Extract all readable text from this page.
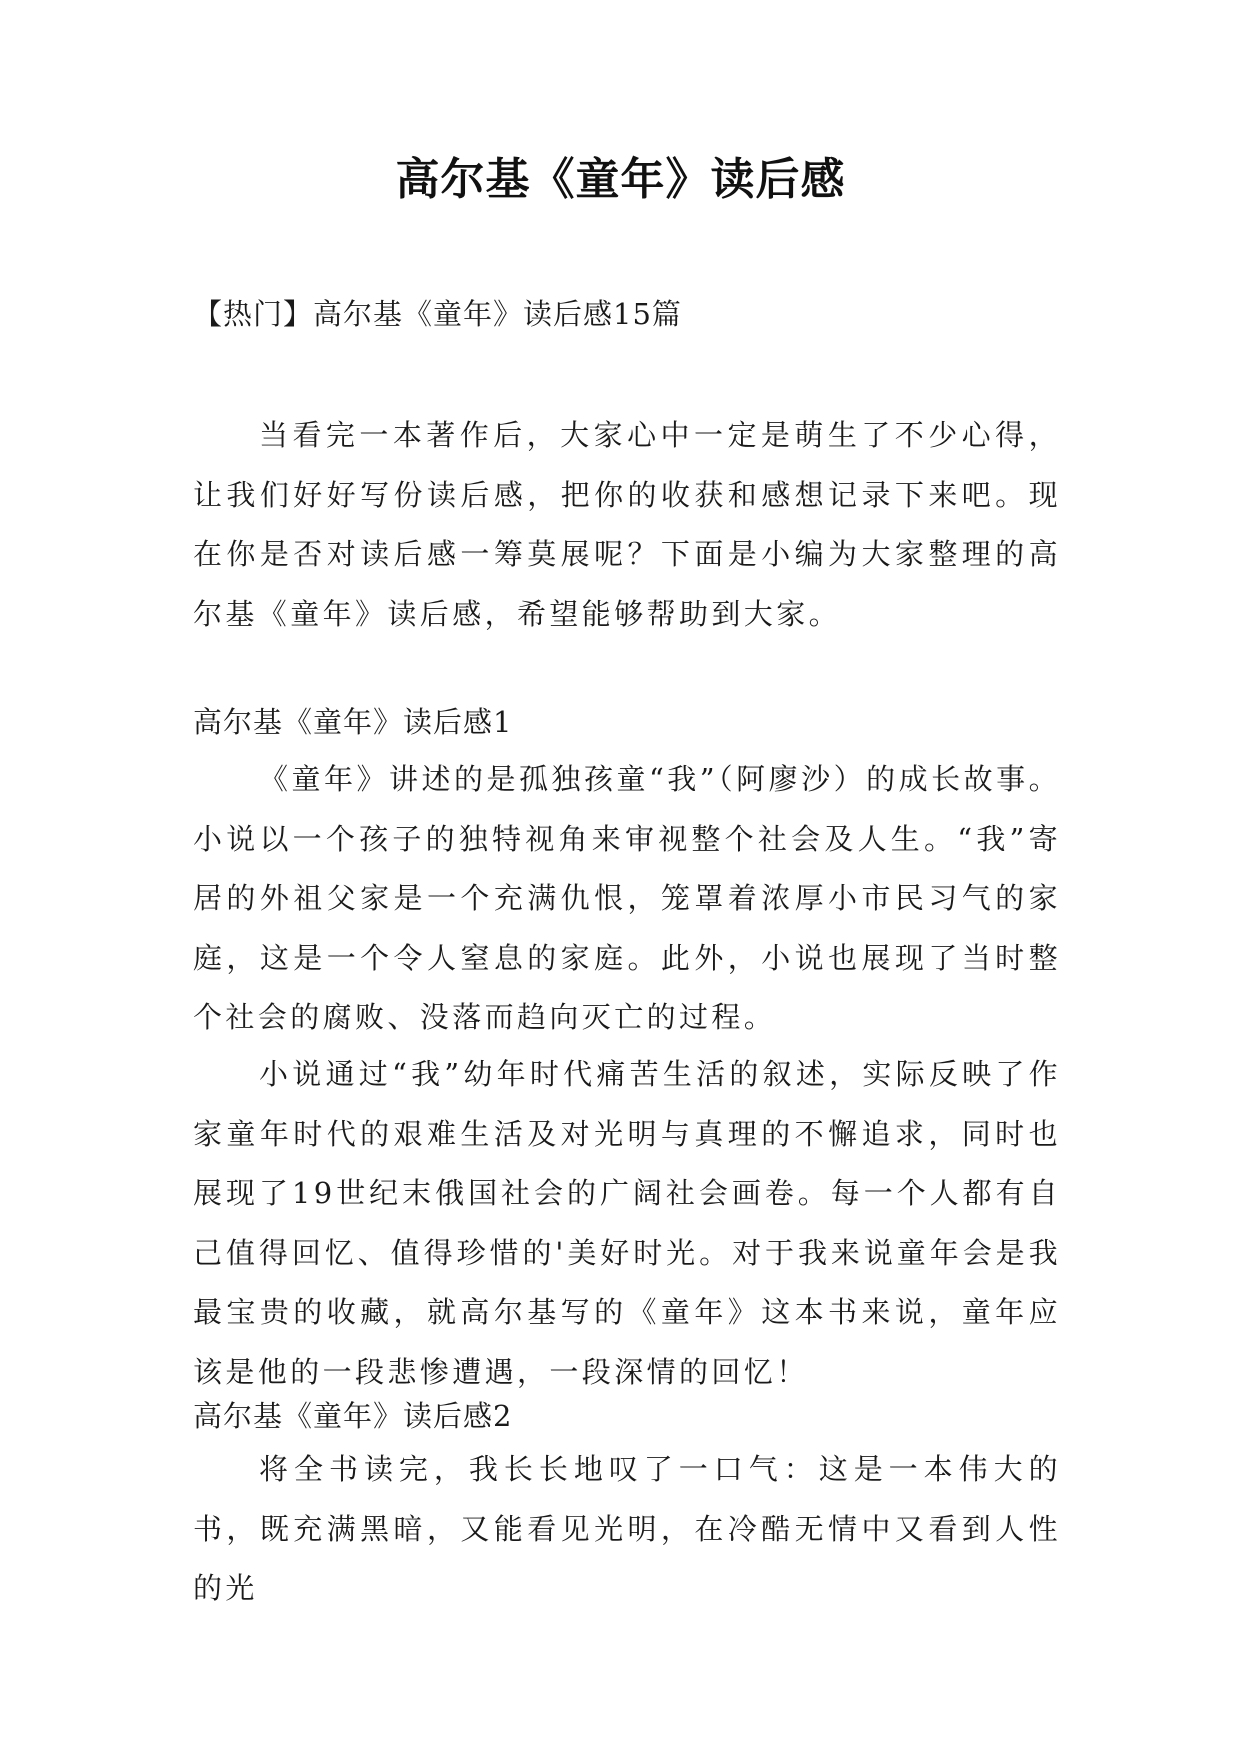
高尔基《童年》读后感
【热门】高尔基《童年》读后感15篇

当看完一本著作后，大家心中一定是萌生了不少心得，让我们好好写份读后感，把你的收获和感想记录下来吧。现在你是否对读后感一筹莫展呢？下面是小编为大家整理的高尔基《童年》读后感，希望能够帮助到大家。

高尔基《童年》读后感1

《童年》讲述的是孤独孩童“我”（阿廖沙）的成长故事。小说以一个孩子的独特视角来审视整个社会及人生。“我”寄居的外祖父家是一个充满仇恨，笼罩着浓厚小市民习气的家庭，这是一个令人窒息的家庭。此外，小说也展现了当时整个社会的腐败、没落而趋向灭亡的过程。

小说通过“我”幼年时代痛苦生活的叙述，实际反映了作家童年时代的艰难生活及对光明与真理的不懈追求，同时也展现了19世纪末俄国社会的广阔社会画卷。每一个人都有自己值得回忆、值得珍惜的'美好时光。对于我来说童年会是我最宝贵的收藏，就高尔基写的《童年》这本书来说，童年应该是他的一段悲惨遭遇，一段深情的回忆！

高尔基《童年》读后感2

将全书读完，我长长地叹了一口气：这是一本伟大的书，既充满黑暗，又能看见光明，在冷酷无情中又看到人性的光
